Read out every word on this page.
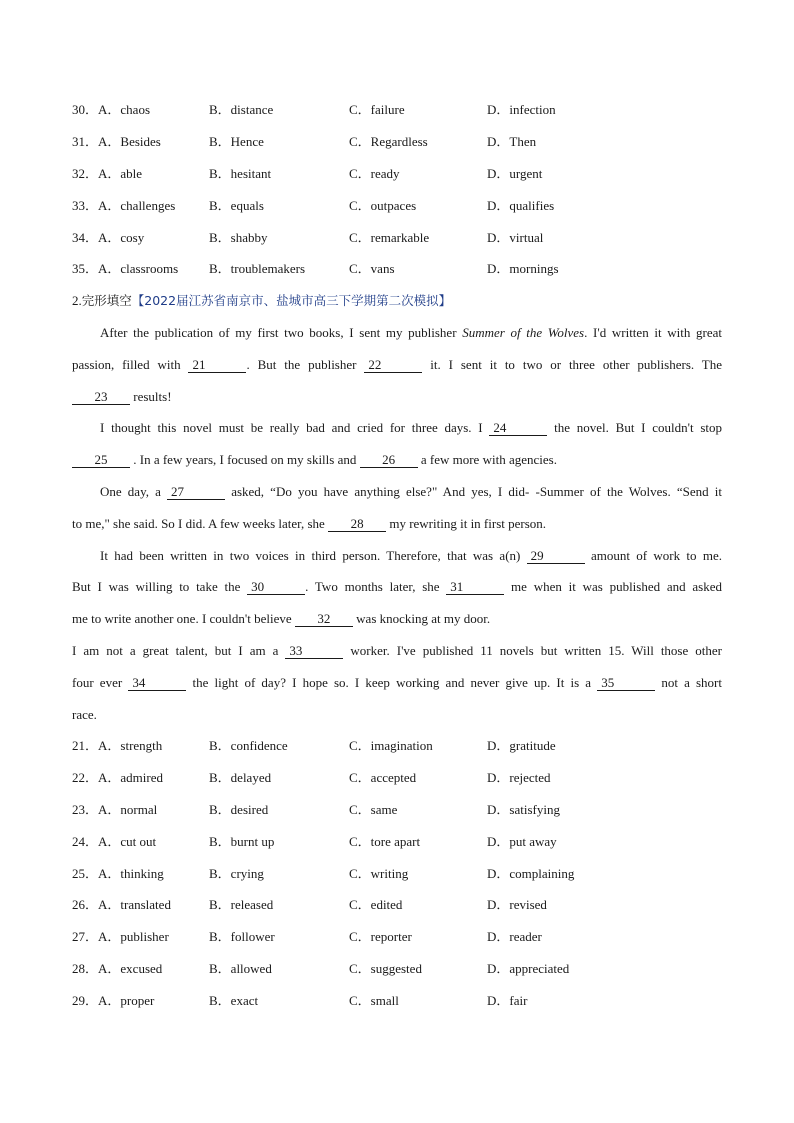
30．A．chaos	B．distance	C．failure	D．infection
31．A．Besides	B．Hence	C．Regardless	D．Then
32．A．able	B．hesitant	C．ready	D．urgent
33．A．challenges	B．equals	C．outpaces	D．qualifies
34．A．cosy	B．shabby	C．remarkable	D．virtual
35．A．classrooms B．troublemakers	C．vans	D．mornings
2.完形填空【2022届江苏省南京市、盐城市高三下学期第二次模拟】
After the publication of my first two books, I sent my publisher Summer of the Wolves. I'd written it with great
passion, filled with 21	. But the publisher 22	it. I sent it to two or three other publishers. The
23 results!
I thought this novel must be really bad and cried for three days. I 24	the novel. But I couldn't stop
25 . In a few years, I focused on my skills and 26 a few more with agencies.
One day, a 27	asked, “Do you have anything else?" And yes, I did- -Summer of the Wolves. “Send it
to me," she said. So I did. A few weeks later, she 28 my rewriting it in first person.
It had been written in two voices in third person. Therefore, that was a(n) 29	amount of work to me.
But I was willing to take the 30	. Two months later, she 31	me when it was published and asked
me to write another one. I couldn't believe 32 was knocking at my door.
I am not a great talent, but I am a 33	worker. I've published 11 novels but written 15. Will those other
four ever 34	the light of day? I hope so. I keep working and never give up. It is a 35	not a short
race.
21．A．strength	B．confidence	C．imagination	D．gratitude
22．A．admired	B．delayed	C．accepted	D．rejected
23．A．normal	B．desired	C．same	D．satisfying
24．A．cut out	B．burnt up	C．tore apart	D．put away
25．A．thinking	B．crying	C．writing	D．complaining
26．A．translated	B．released	C．edited	D．revised
27．A．publisher	B．follower	C．reporter	D．reader
28．A．excused	B．allowed	C．suggested	D．appreciated
29．A．proper	B．exact	C．small	D．fair
